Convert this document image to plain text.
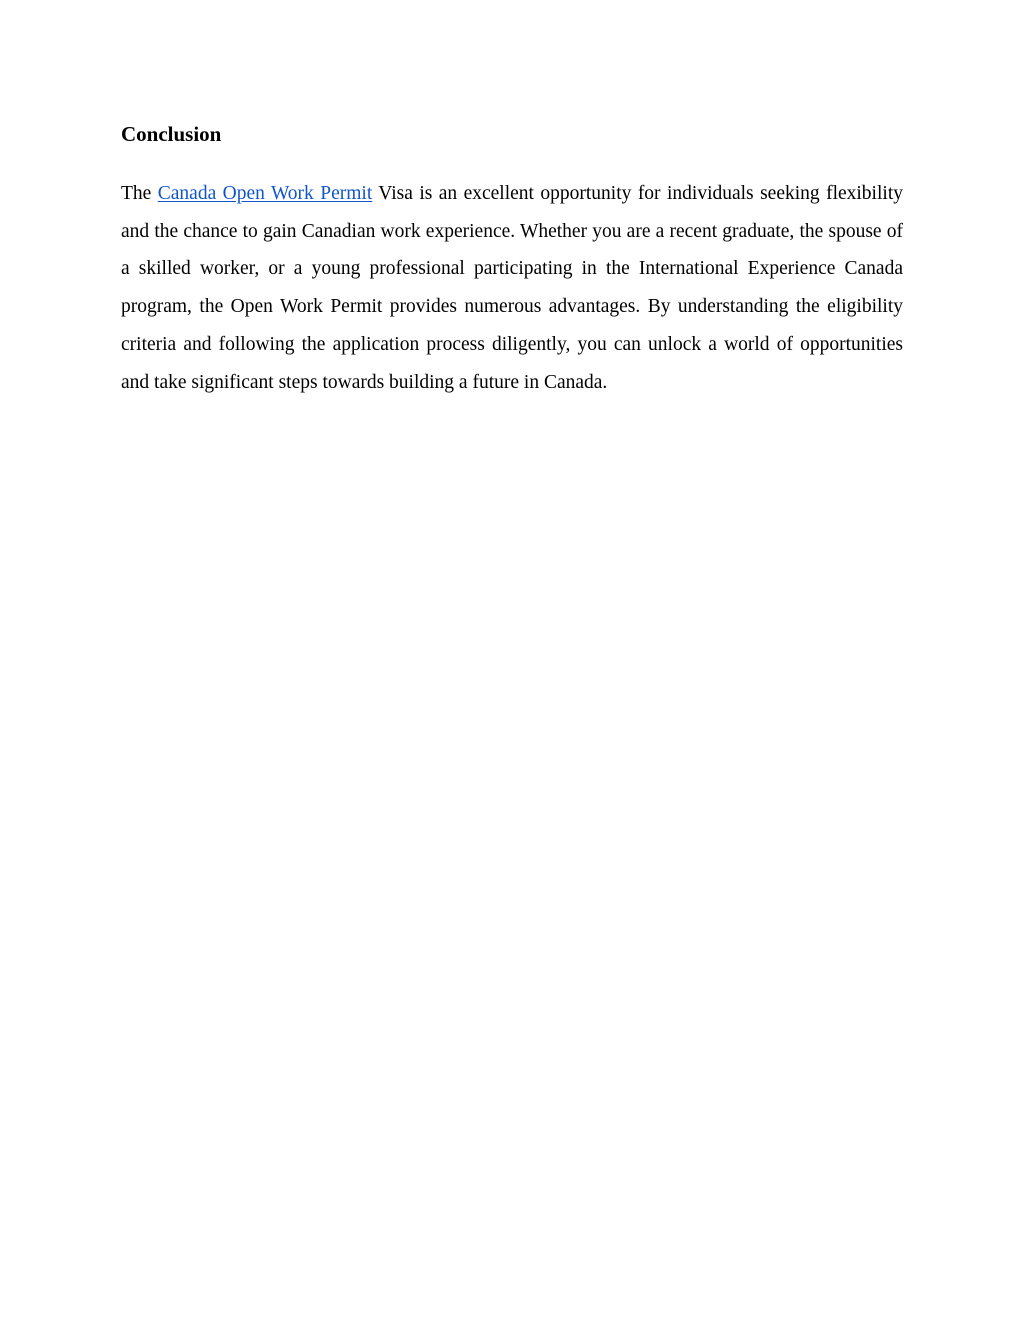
Conclusion

The Canada Open Work Permit Visa is an excellent opportunity for individuals seeking flexibility and the chance to gain Canadian work experience. Whether you are a recent graduate, the spouse of a skilled worker, or a young professional participating in the International Experience Canada program, the Open Work Permit provides numerous advantages. By understanding the eligibility criteria and following the application process diligently, you can unlock a world of opportunities and take significant steps towards building a future in Canada.
